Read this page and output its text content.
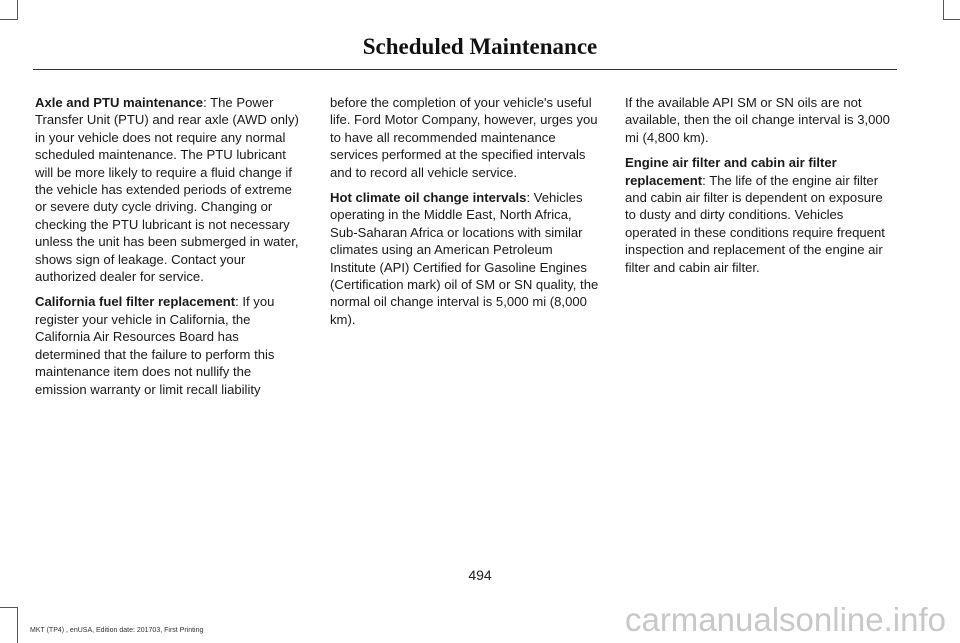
Scheduled Maintenance

Axle and PTU maintenance: The Power Transfer Unit (PTU) and rear axle (AWD only) in your vehicle does not require any normal scheduled maintenance. The PTU lubricant will be more likely to require a fluid change if the vehicle has extended periods of extreme or severe duty cycle driving. Changing or checking the PTU lubricant is not necessary unless the unit has been submerged in water, shows sign of leakage. Contact your authorized dealer for service.

California fuel filter replacement: If you register your vehicle in California, the California Air Resources Board has determined that the failure to perform this maintenance item does not nullify the emission warranty or limit recall liability

before the completion of your vehicle's useful life. Ford Motor Company, however, urges you to have all recommended maintenance services performed at the specified intervals and to record all vehicle service.

Hot climate oil change intervals: Vehicles operating in the Middle East, North Africa, Sub-Saharan Africa or locations with similar climates using an American Petroleum Institute (API) Certified for Gasoline Engines (Certification mark) oil of SM or SN quality, the normal oil change interval is 5,000 mi (8,000 km).

If the available API SM or SN oils are not available, then the oil change interval is 3,000 mi (4,800 km).

Engine air filter and cabin air filter replacement: The life of the engine air filter and cabin air filter is dependent on exposure to dusty and dirty conditions. Vehicles operated in these conditions require frequent inspection and replacement of the engine air filter and cabin air filter.

494
MKT (TP4) , enUSA, Edition date: 201703, First Printing	carmanualsonline.info
